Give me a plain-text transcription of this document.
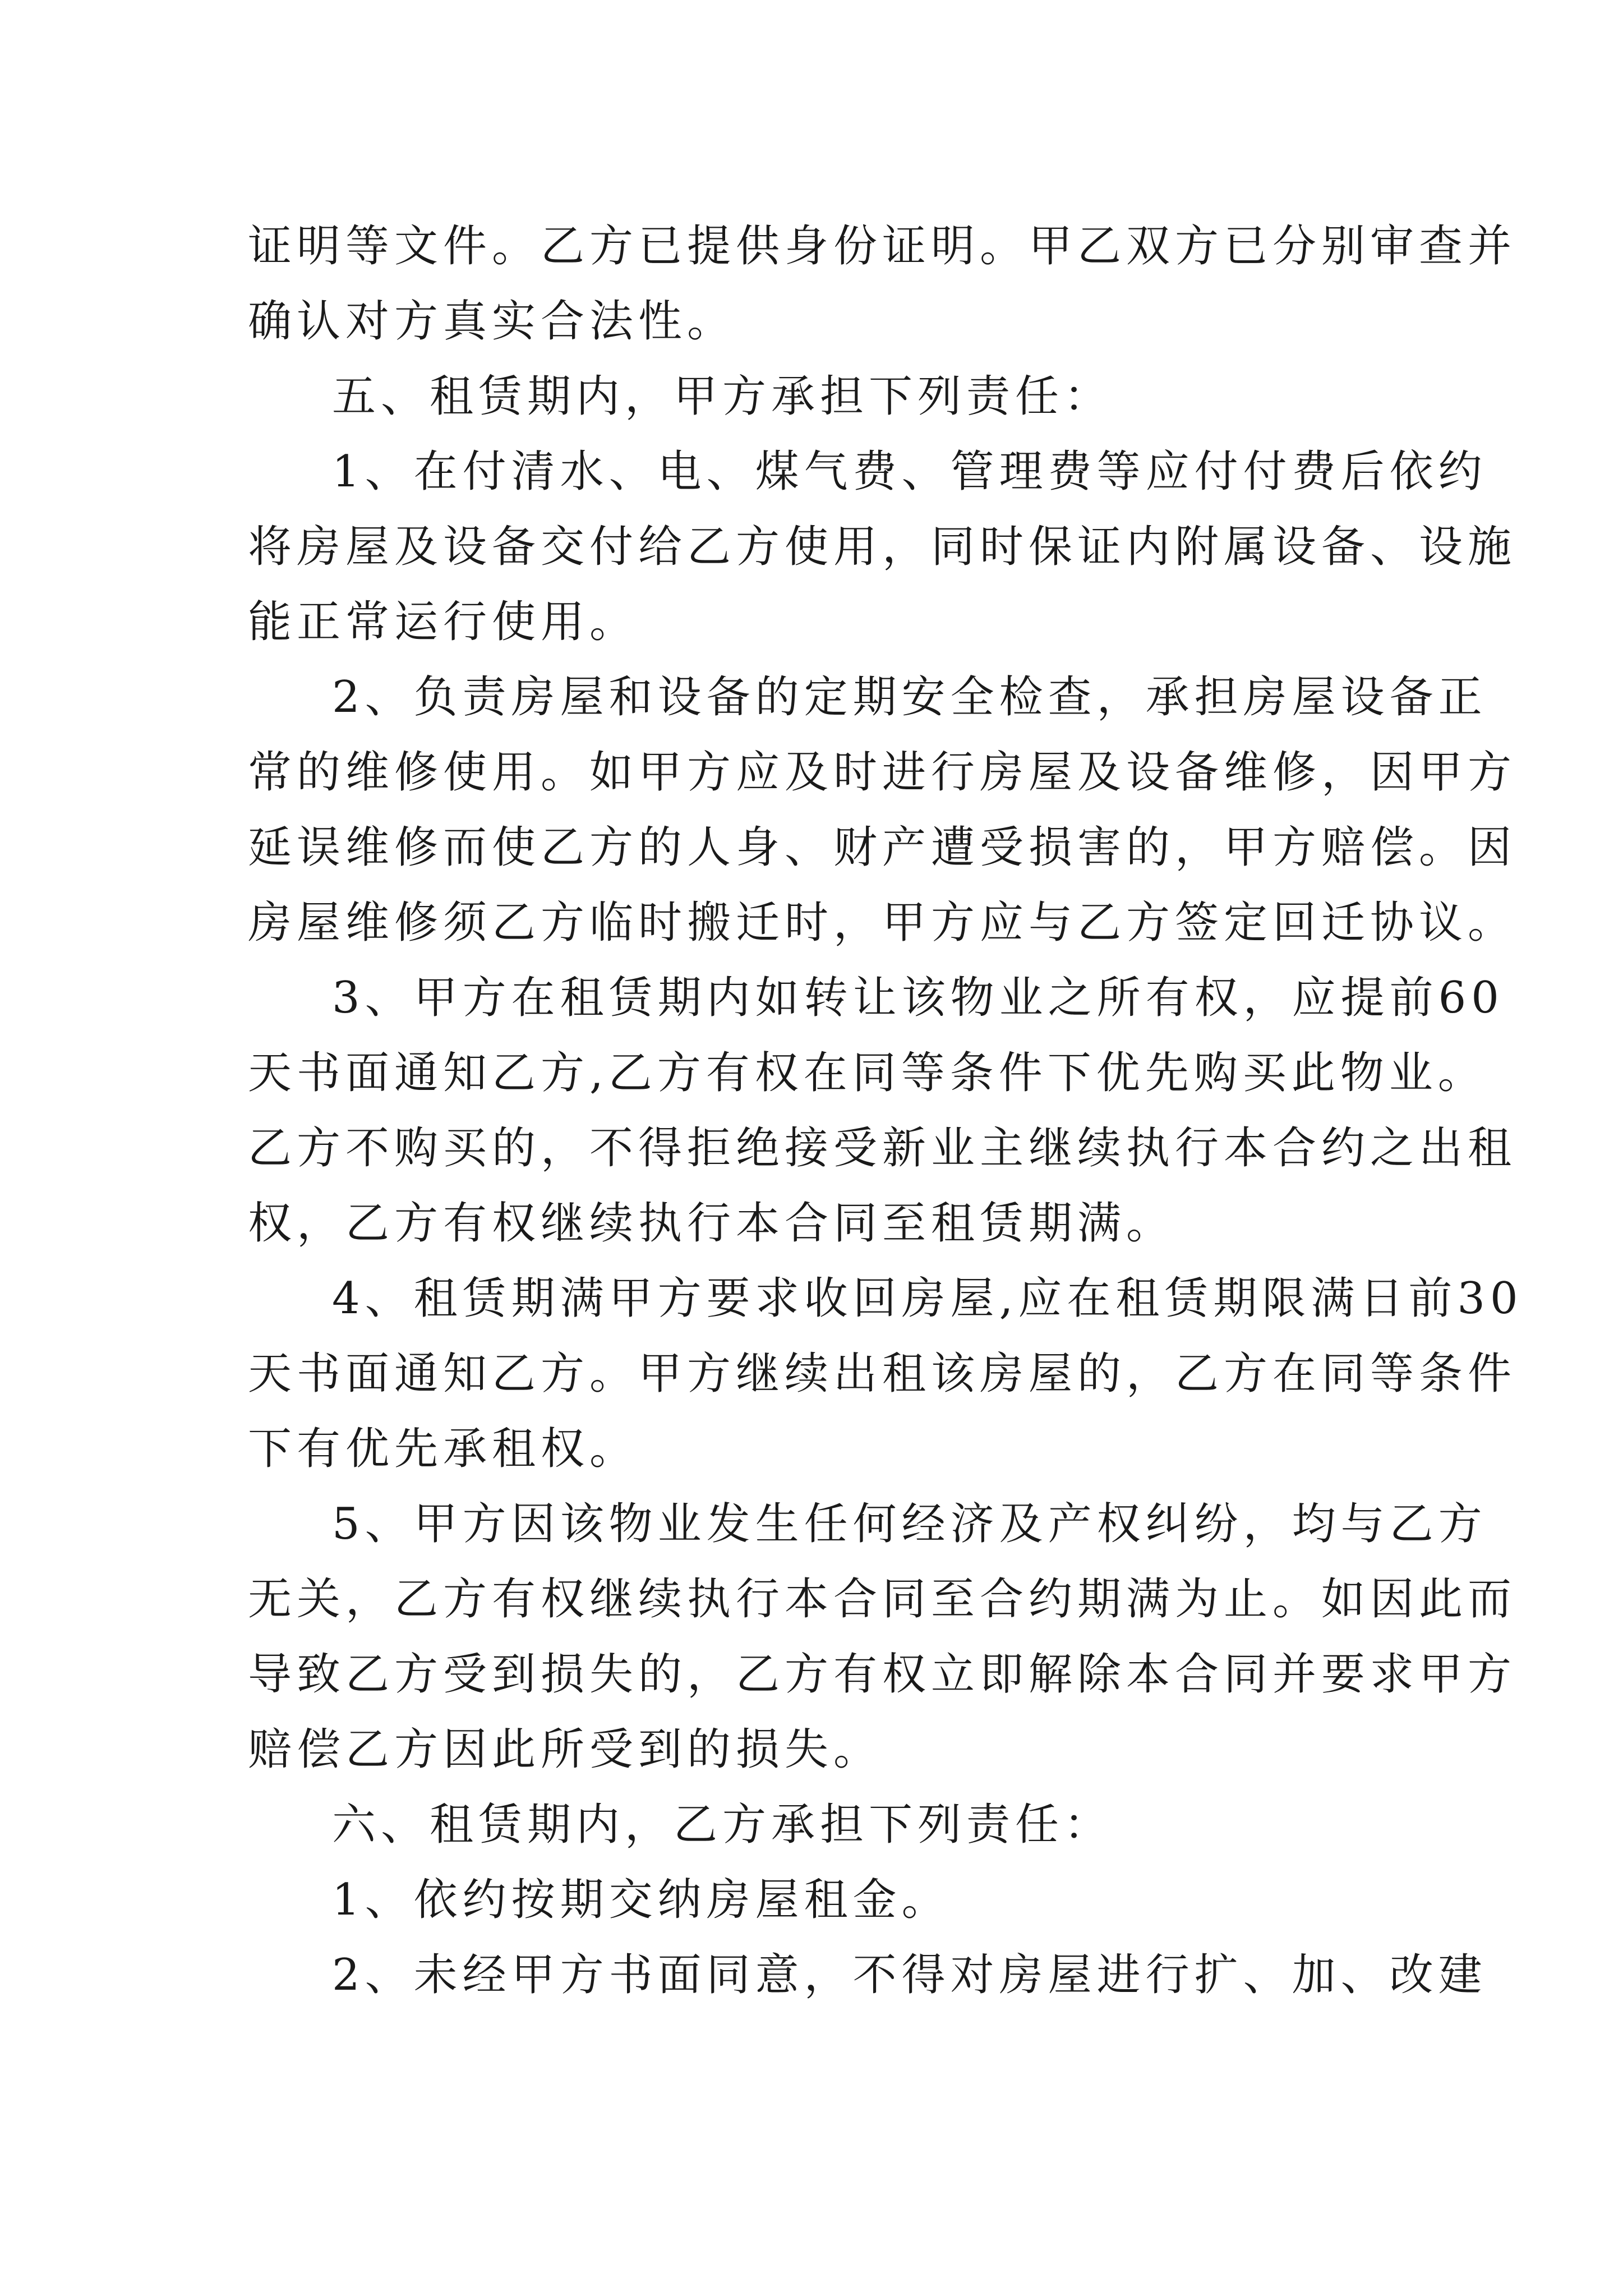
证明等文件。乙方已提供身份证明。甲乙双方已分别审查并
确认对方真实合法性。
五、租赁期内，甲方承担下列责任：
1、在付清水、电、煤气费、管理费等应付付费后依约
将房屋及设备交付给乙方使用，同时保证内附属设备、设施
能正常运行使用。
2、负责房屋和设备的定期安全检查，承担房屋设备正
常的维修使用。如甲方应及时进行房屋及设备维修，因甲方
延误维修而使乙方的人身、财产遭受损害的，甲方赔偿。因
房屋维修须乙方临时搬迁时，甲方应与乙方签定回迁协议。
3、甲方在租赁期内如转让该物业之所有权，应提前60
天书面通知乙方,乙方有权在同等条件下优先购买此物业。
乙方不购买的，不得拒绝接受新业主继续执行本合约之出租
权，乙方有权继续执行本合同至租赁期满。
4、租赁期满甲方要求收回房屋,应在租赁期限满日前30
天书面通知乙方。甲方继续出租该房屋的，乙方在同等条件
下有优先承租权。
5、甲方因该物业发生任何经济及产权纠纷，均与乙方
无关，乙方有权继续执行本合同至合约期满为止。如因此而
导致乙方受到损失的，乙方有权立即解除本合同并要求甲方
赔偿乙方因此所受到的损失。
六、租赁期内，乙方承担下列责任：
1、依约按期交纳房屋租金。
2、未经甲方书面同意，不得对房屋进行扩、加、改建
